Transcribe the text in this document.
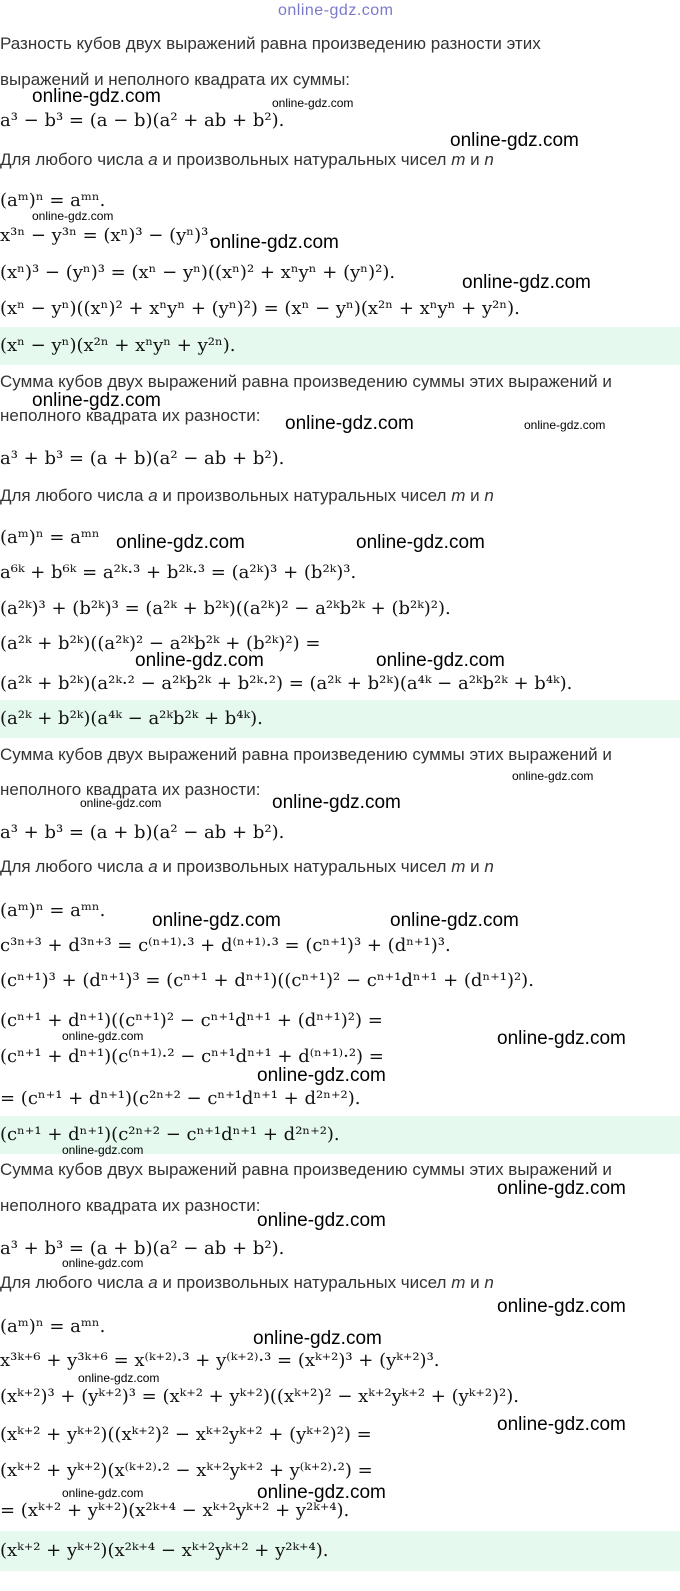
online-gdz.com
Разность кубов двух выражений равна произведению разности этих
выражений и неполного квадрата их суммы:
a³ − b³ = (a − b)(a² + ab + b²).
Для любого числа a и произвольных натуральных чисел m и n
(aᵐ)ⁿ = aᵐⁿ.
x³ⁿ − y³ⁿ = (xⁿ)³ − (yⁿ)³.
(xⁿ)³ − (yⁿ)³ = (xⁿ − yⁿ)((xⁿ)² + xⁿyⁿ + (yⁿ)²).
(xⁿ − yⁿ)((xⁿ)² + xⁿyⁿ + (yⁿ)²) = (xⁿ − yⁿ)(x²ⁿ + xⁿyⁿ + y²ⁿ).
(xⁿ − yⁿ)(x²ⁿ + xⁿyⁿ + y²ⁿ).
Сумма кубов двух выражений равна произведению суммы этих выражений и
неполного квадрата их разности:
a³ + b³ = (a + b)(a² − ab + b²).
Для любого числа a и произвольных натуральных чисел m и n
(aᵐ)ⁿ = aᵐⁿ
a⁶ᵏ + b⁶ᵏ = a²ᵏ·³ + b²ᵏ·³ = (a²ᵏ)³ + (b²ᵏ)³.
(a²ᵏ)³ + (b²ᵏ)³ = (a²ᵏ + b²ᵏ)((a²ᵏ)² − a²ᵏb²ᵏ + (b²ᵏ)²).
(a²ᵏ + b²ᵏ)((a²ᵏ)² − a²ᵏb²ᵏ + (b²ᵏ)²) =
(a²ᵏ + b²ᵏ)(a²ᵏ·² − a²ᵏb²ᵏ + b²ᵏ·²) = (a²ᵏ + b²ᵏ)(a⁴ᵏ − a²ᵏb²ᵏ + b⁴ᵏ).
(a²ᵏ + b²ᵏ)(a⁴ᵏ − a²ᵏb²ᵏ + b⁴ᵏ).
Сумма кубов двух выражений равна произведению суммы этих выражений и
неполного квадрата их разности:
a³ + b³ = (a + b)(a² − ab + b²).
Для любого числа a и произвольных натуральных чисел m и n
(aᵐ)ⁿ = aᵐⁿ.
c³ⁿ⁺³ + d³ⁿ⁺³ = c⁽ⁿ⁺¹⁾·³ + d⁽ⁿ⁺¹⁾·³ = (cⁿ⁺¹)³ + (dⁿ⁺¹)³.
(cⁿ⁺¹)³ + (dⁿ⁺¹)³ = (cⁿ⁺¹ + dⁿ⁺¹)((cⁿ⁺¹)² − cⁿ⁺¹dⁿ⁺¹ + (dⁿ⁺¹)²).
(cⁿ⁺¹ + dⁿ⁺¹)((cⁿ⁺¹)² − cⁿ⁺¹dⁿ⁺¹ + (dⁿ⁺¹)²) =
(cⁿ⁺¹ + dⁿ⁺¹)(c⁽ⁿ⁺¹⁾·² − cⁿ⁺¹dⁿ⁺¹ + d⁽ⁿ⁺¹⁾·²) =
= (cⁿ⁺¹ + dⁿ⁺¹)(c²ⁿ⁺² − cⁿ⁺¹dⁿ⁺¹ + d²ⁿ⁺²).
(cⁿ⁺¹ + dⁿ⁺¹)(c²ⁿ⁺² − cⁿ⁺¹dⁿ⁺¹ + d²ⁿ⁺²).
Сумма кубов двух выражений равна произведению суммы этих выражений и
неполного квадрата их разности:
a³ + b³ = (a + b)(a² − ab + b²).
Для любого числа a и произвольных натуральных чисел m и n
(aᵐ)ⁿ = aᵐⁿ.
x³ᵏ⁺⁶ + y³ᵏ⁺⁶ = x⁽ᵏ⁺²⁾·³ + y⁽ᵏ⁺²⁾·³ = (xᵏ⁺²)³ + (yᵏ⁺²)³.
(xᵏ⁺²)³ + (yᵏ⁺²)³ = (xᵏ⁺² + yᵏ⁺²)((xᵏ⁺²)² − xᵏ⁺²yᵏ⁺² + (yᵏ⁺²)²).
(xᵏ⁺² + yᵏ⁺²)((xᵏ⁺²)² − xᵏ⁺²yᵏ⁺² + (yᵏ⁺²)²) =
(xᵏ⁺² + yᵏ⁺²)(x⁽ᵏ⁺²⁾·² − xᵏ⁺²yᵏ⁺² + y⁽ᵏ⁺²⁾·²) =
= (xᵏ⁺² + yᵏ⁺²)(x²ᵏ⁺⁴ − xᵏ⁺²yᵏ⁺² + y²ᵏ⁺⁴).
(xᵏ⁺² + yᵏ⁺²)(x²ᵏ⁺⁴ − xᵏ⁺²yᵏ⁺² + y²ᵏ⁺⁴).
online-gdz.com	online-gdz.com
online-gdz.com
online-gdz.com
online-gdz.com
online-gdz.com
online-gdz.com
online-gdz.com	online-gdz.com
online-gdz.com	online-gdz.com
online-gdz.com	online-gdz.com
online-gdz.com
online-gdz.com	online-gdz.com
online-gdz.com	online-gdz.com
online-gdz.com	online-gdz.com
online-gdz.com
online-gdz.com
online-gdz.com
online-gdz.com
online-gdz.com
online-gdz.com
online-gdz.com
online-gdz.com
online-gdz.com
online-gdz.com	online-gdz.com
